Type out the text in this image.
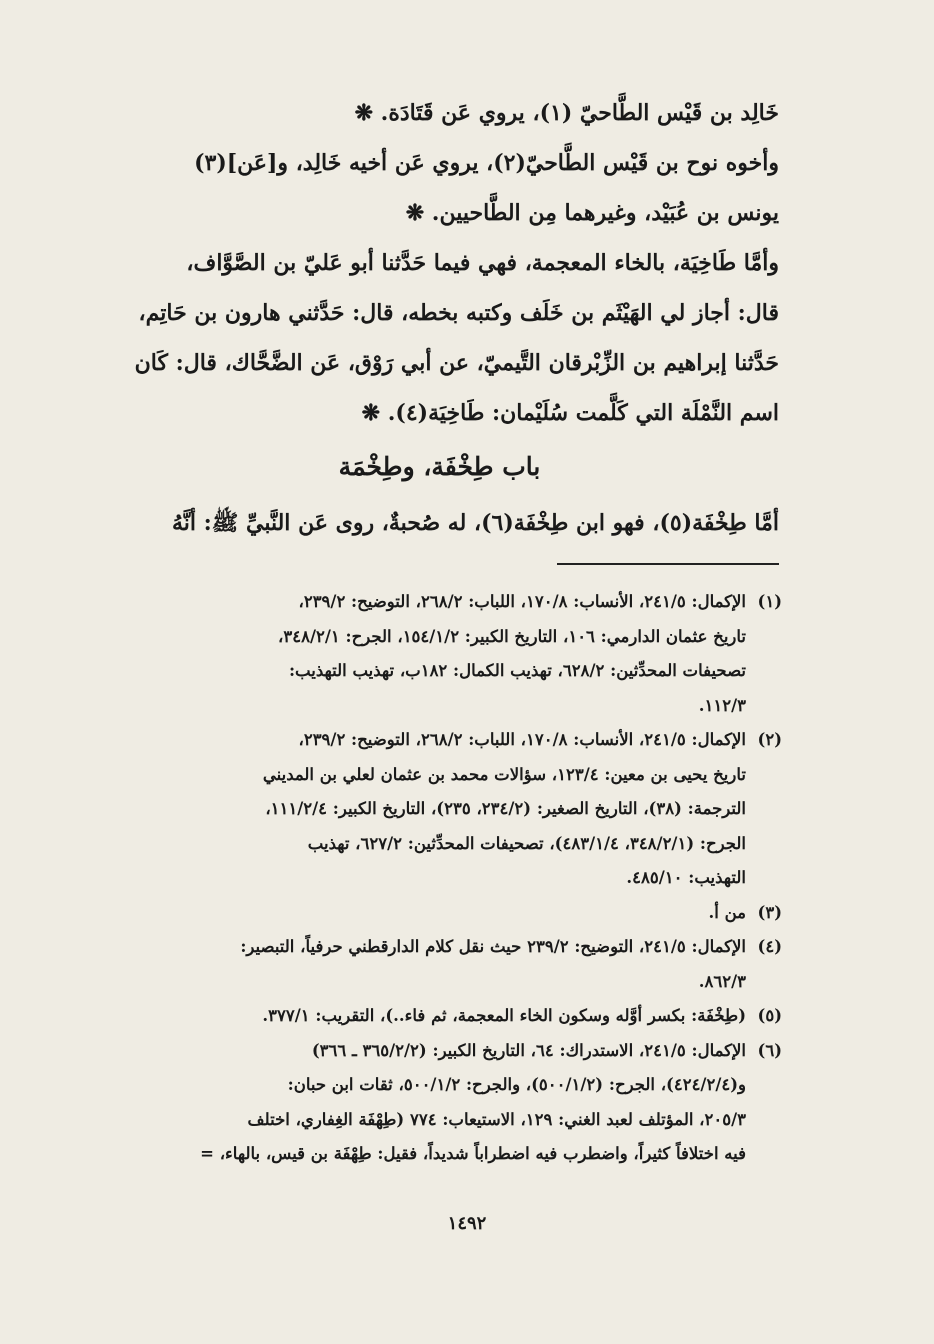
خَالِد بن قَيْس الطَّاحيّ (١)، يروي عَن قَتَادَة. ❋

وأخوه نوح بن قَيْس الطَّاحيّ(٢)، يروي عَن أخيه خَالِد، و[عَن](٣)

يونس بن عُبَيْد، وغيرهما مِن الطَّاحيين. ❋

وأمَّا طَاخِيَة، بالخاء المعجمة، فهي فيما حَدَّثنا أبو عَليّ بن الصَّوَّاف،

قال: أجاز لي الهَيْثَم بن خَلَف وكتبه بخطه، قال: حَدَّثني هارون بن حَاتِم،

حَدَّثنا إبراهيم بن الزِّبْرقان التَّيميّ، عن أبي رَوْق، عَن الضَّحَّاك، قال: كَان

اسم النَّمْلَة التي كَلَّمت سُلَيْمان: طَاخِيَة(٤). ❋

باب طِخْفَة، وطِخْمَة

أمَّا طِخْفَة(٥)، فهو ابن طِخْفَة(٦)، له صُحبةٌ، روى عَن النَّبيِّ ﷺ: أنَّهُ

(١)
الإكمال: ٢٤١/٥، الأنساب: ١٧٠/٨، اللباب: ٢٦٨/٢، التوضيح: ٢٣٩/٢،
تاريخ عثمان الدارمي: ١٠٦، التاريخ الكبير: ١٥٤/١/٢، الجرح: ٣٤٨/٢/١،
تصحيفات المحدِّثين: ٦٢٨/٢، تهذيب الكمال: ١٨٢ب، تهذيب التهذيب:
١١٢/٣.
(٢)
الإكمال: ٢٤١/٥، الأنساب: ١٧٠/٨، اللباب: ٢٦٨/٢، التوضيح: ٢٣٩/٢،
تاريخ يحيى بن معين: ١٢٣/٤، سؤالات محمد بن عثمان لعلي بن المديني
الترجمة: (٣٨)، التاريخ الصغير: (٢٣٤/٢، ٢٣٥)، التاريخ الكبير: ١١١/٢/٤،
الجرح: (٣٤٨/٢/١، ٤٨٣/١/٤)، تصحيفات المحدِّثين: ٦٢٧/٢، تهذيب
التهذيب: ٤٨٥/١٠.
(٣)
من أ.
(٤)
الإكمال: ٢٤١/٥، التوضيح: ٢٣٩/٢ حيث نقل كلام الدارقطني حرفياً، التبصير:
٨٦٢/٣.
(٥)
(طِخْفَة: بكسر أوَّله وسكون الخاء المعجمة، ثم فاء..)، التقريب: ٣٧٧/١.
(٦)
الإكمال: ٢٤١/٥، الاستدراك: ٦٤، التاريخ الكبير: (٣٦٥/٢/٢ ـ ٣٦٦)
و(٤٢٤/٢/٤)، الجرح: (٥٠٠/١/٢)، والجرح: ٥٠٠/١/٢، ثقات ابن حبان:
٢٠٥/٣، المؤتلف لعبد الغني: ١٢٩، الاستيعاب: ٧٧٤ (طِهْفَة الغِفاري، اختلف
فيه اختلافاً كثيراً، واضطرب فيه اضطراباً شديداً، فقيل: طِهْفَة بن قيس، بالهاء، =
١٤٩٢
